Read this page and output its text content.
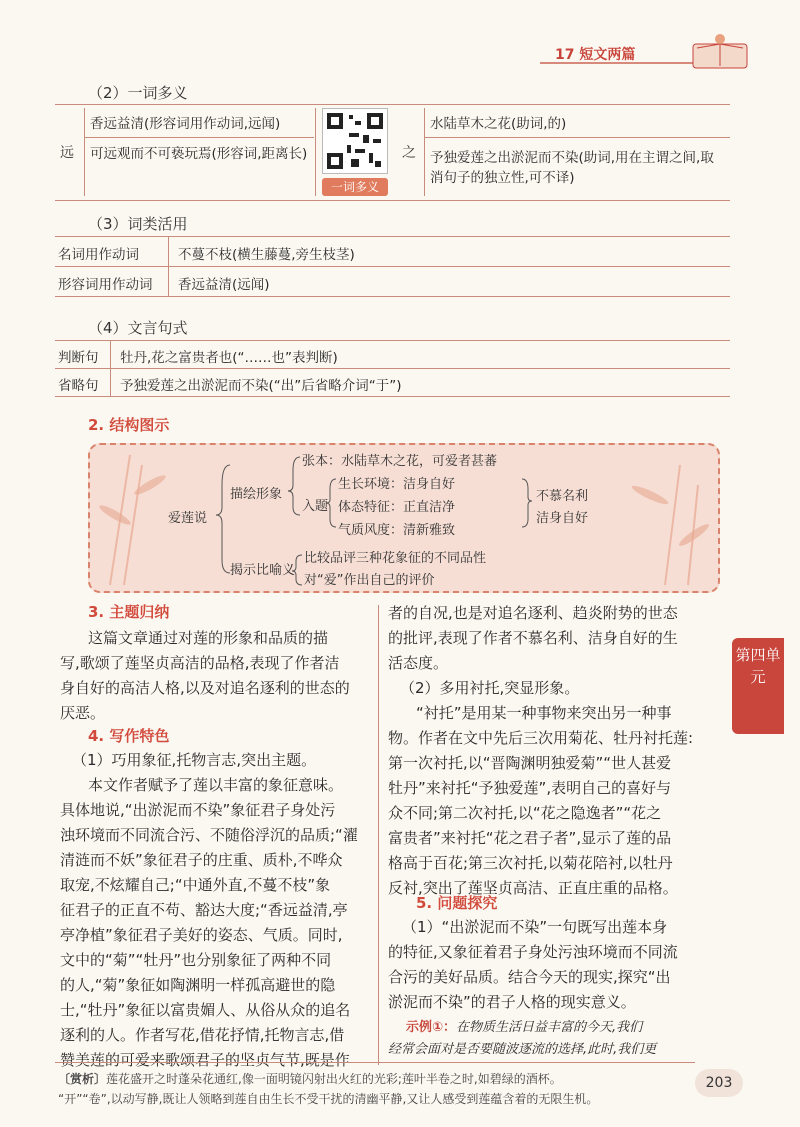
17 短文两篇
（2）一词多义
远
香远益清(形容词用作动词,远闻)
可远观而不可亵玩焉(形容词,距离长)
一词多义
之
水陆草木之花(助词,的)
予独爱莲之出淤泥而不染(助词,用在主谓之间,取消句子的独立性,可不译)
（3）词类活用
名词用作动词	不蔓不枝(横生藤蔓,旁生枝茎)
形容词用作动词 香远益清(远闻)
（4）文言句式
判断句 牡丹,花之富贵者也(“……也”表判断)
省略句 予独爱莲之出淤泥而不染(“出”后省略介词“于”)
2. 结构图示
爱莲说
描绘形象
张本：水陆草木之花，可爱者甚蕃
入题
生长环境：洁身自好
体态特征：正直洁净
气质风度：清新雅致
不慕名利
洁身自好
揭示比喻义
比较品评三种花象征的不同品性
对“爱”作出自己的评价
3. 主题归纳
这篇文章通过对莲的形象和品质的描
写,歌颂了莲坚贞高洁的品格,表现了作者洁
身自好的高洁人格,以及对追名逐利的世态的
厌恶。
4. 写作特色
（1）巧用象征,托物言志,突出主题。
本文作者赋予了莲以丰富的象征意味。
具体地说,“出淤泥而不染”象征君子身处污
浊环境而不同流合污、不随俗浮沉的品质;“濯
清涟而不妖”象征君子的庄重、质朴,不哗众
取宠,不炫耀自己;“中通外直,不蔓不枝”象
征君子的正直不苟、豁达大度;“香远益清,亭
亭净植”象征君子美好的姿态、气质。同时,
文中的“菊”“牡丹”也分别象征了两种不同
的人,“菊”象征如陶渊明一样孤高避世的隐
士,“牡丹”象征以富贵媚人、从俗从众的追名
逐利的人。作者写花,借花抒情,托物言志,借
赞美莲的可爱来歌颂君子的坚贞气节,既是作
者的自况,也是对追名逐利、趋炎附势的世态
的批评,表现了作者不慕名利、洁身自好的生
活态度。
（2）多用衬托,突显形象。
“衬托”是用某一种事物来突出另一种事
物。作者在文中先后三次用菊花、牡丹衬托莲:
第一次衬托,以“晋陶渊明独爱菊”“世人甚爱
牡丹”来衬托“予独爱莲”,表明自己的喜好与
众不同;第二次衬托,以“花之隐逸者”“花之
富贵者”来衬托“花之君子者”,显示了莲的品
格高于百花;第三次衬托,以菊花陪衬,以牡丹
反衬,突出了莲坚贞高洁、正直庄重的品格。
5. 问题探究
（1）“出淤泥而不染”一句既写出莲本身
的特征,又象征着君子身处污浊环境而不同流
合污的美好品质。结合今天的现实,探究“出
淤泥而不染”的君子人格的现实意义。
示例①：在物质生活日益丰富的今天,我们
经常会面对是否要随波逐流的选择,此时,我们更
第四单元
〔赏析〕莲花盛开之时蓬朵花通红,像一面明镜闪射出火红的光彩;莲叶半卷之时,如碧绿的酒杯。
“开”“卷”,以动写静,既让人领略到莲自由生长不受干扰的清幽平静,又让人感受到莲蕴含着的无限生机。
203
